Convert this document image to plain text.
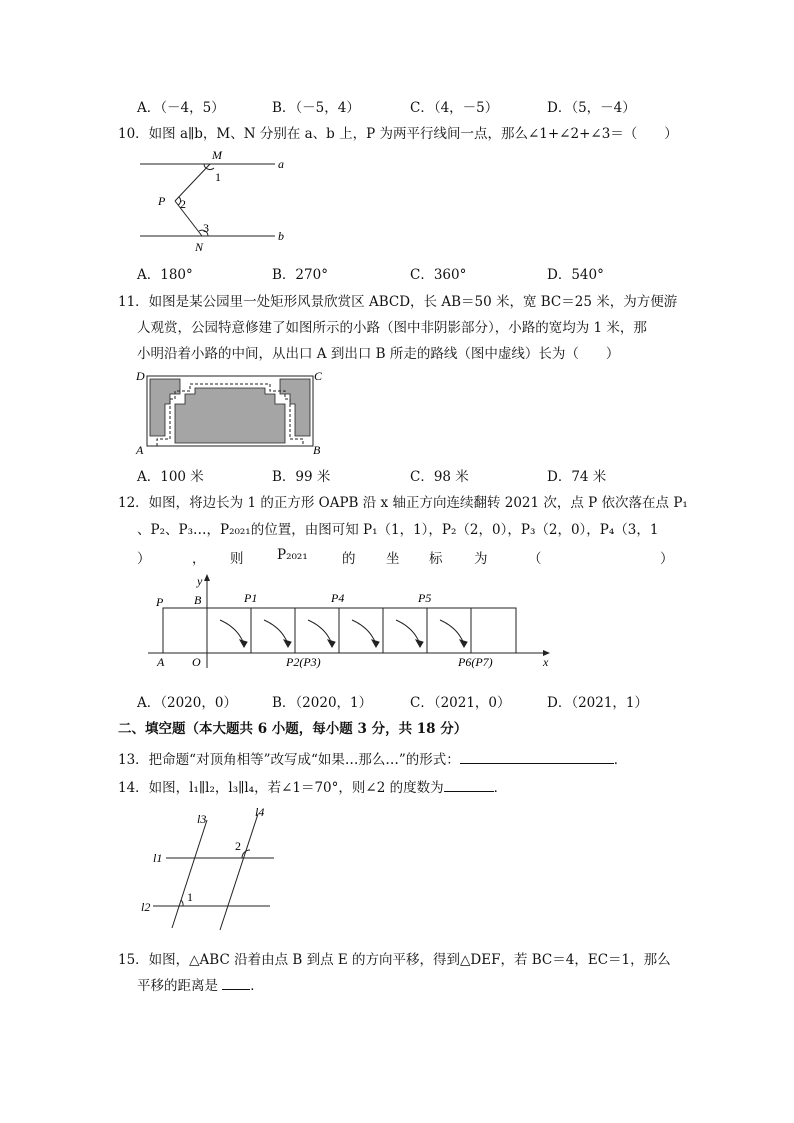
A．（－4，5）	B．（－5，4）	C．（4，－5）	D．（5，－4）
10．如图 a∥b，M、N 分别在 a、b 上，P 为两平行线间一点，那么∠1+∠2+∠3＝（　　）
a
b
M
N
P
1
2
3
A．180°	B．270°	C．360°	D．540°
11．如图是某公园里一处矩形风景欣赏区 ABCD，长 AB＝50 米，宽 BC＝25 米，为方便游
人观赏，公园特意修建了如图所示的小路（图中非阴影部分），小路的宽均为 1 米，那
小明沿着小路的中间，从出口 A 到出口 B 所走的路线（图中虚线）长为（　　）
A	B
C
D
A．100 米	B．99 米	C．98 米	D．74 米
12．如图，将边长为 1 的正方形 OAPB 沿 x 轴正方向连续翻转 2021 次，点 P 依次落在点 P₁
、P₂、P₃…，P₂₀₂₁的位置，由图可知 P₁（1，1），P₂（2，0），P₃（2，0），P₄（3，1
）	， 则 P₂₀₂₁	的 坐 标 为	（	）
y
x
P	B
A O
P1	P4	P5
P2(P3)	P6(P7)
A．（2020，0）	B．（2020，1）	C．（2021，0）	D．（2021，1）
二、填空题（本大题共 6 小题，每小题 3 分，共 18 分）
13．把命题“对顶角相等”改写成“如果…那么…”的形式：	．
14．如图，l₁∥l₂，l₃∥l₄，若∠1＝70°，则∠2 的度数为	．
l3	l4
l1
l2
1
2
15．如图，△ABC 沿着由点 B 到点 E 的方向平移，得到△DEF，若 BC＝4，EC＝1，那么
平移的距离是 ．
